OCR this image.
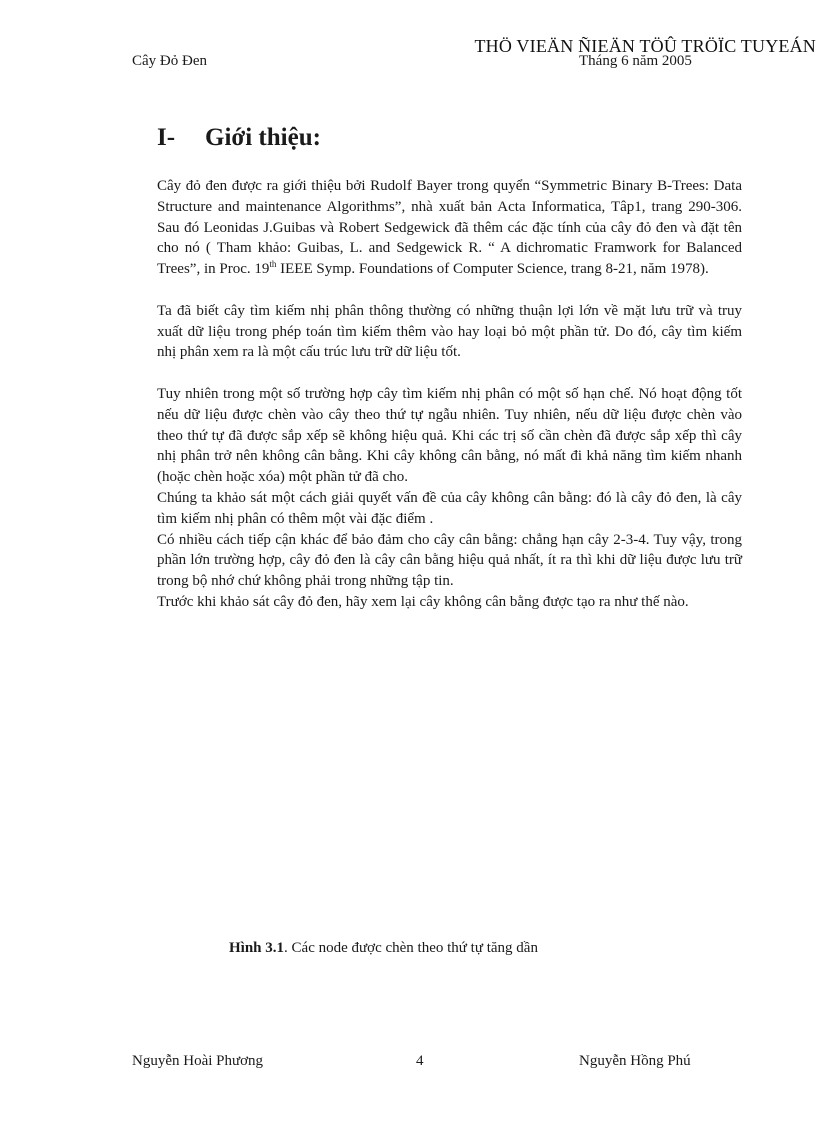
THÖ VIEÄN ÑIEÄN TÖÛ TRÖÏC TUYEÁN
Cây Đỏ Đen	Tháng 6 năm 2005
I- Giới thiệu:

Cây đỏ đen được ra giới thiệu bởi Rudolf Bayer trong quyển “Symmetric Binary B-Trees: Data Structure and maintenance Algorithms”, nhà xuất bản Acta Informatica, Tâp1, trang 290-306. Sau đó Leonidas J.Guibas và Robert Sedgewick đã thêm các đặc tính của cây đỏ đen và đặt tên cho nó ( Tham khảo: Guibas, L. and Sedgewick R. “ A dichromatic Framwork for Balanced Trees”, in Proc. 19th IEEE Symp. Foundations of Computer Science, trang 8-21, năm 1978).

Ta đã biết cây tìm kiếm nhị phân thông thường có những thuận lợi lớn về mặt lưu trữ và truy xuất dữ liệu trong phép toán tìm kiếm thêm vào hay loại bỏ một phần tử. Do đó, cây tìm kiếm nhị phân xem ra là một cấu trúc lưu trữ dữ liệu tốt.

Tuy nhiên trong một số trường hợp cây tìm kiếm nhị phân có một số hạn chế. Nó hoạt động tốt nếu dữ liệu được chèn vào cây theo thứ tự ngẫu nhiên. Tuy nhiên, nếu dữ liệu được chèn vào theo thứ tự đã được sắp xếp sẽ không hiệu quả. Khi các trị số cần chèn đã được sắp xếp thì cây nhị phân trở nên không cân bằng. Khi cây không cân bằng, nó mất đi khả năng tìm kiếm nhanh (hoặc chèn hoặc xóa) một phần tử đã cho.

Chúng ta khảo sát một cách giải quyết vấn đề của cây không cân bằng: đó là cây đỏ đen, là cây tìm kiếm nhị phân có thêm một vài đặc điểm .

Có nhiều cách tiếp cận khác để bảo đảm cho cây cân bằng: chẳng hạn cây 2-3-4. Tuy vậy, trong phần lớn trường hợp, cây đỏ đen là cây cân bằng hiệu quả nhất, ít ra thì khi dữ liệu được lưu trữ trong bộ nhớ chứ không phải trong những tập tin.

Trước khi khảo sát cây đỏ đen, hãy xem lại cây không cân bằng được tạo ra như thế nào.

Hình 3.1. Các node được chèn theo thứ tự tăng dần
Nguyễn Hoài Phương	4	Nguyễn Hồng Phú
